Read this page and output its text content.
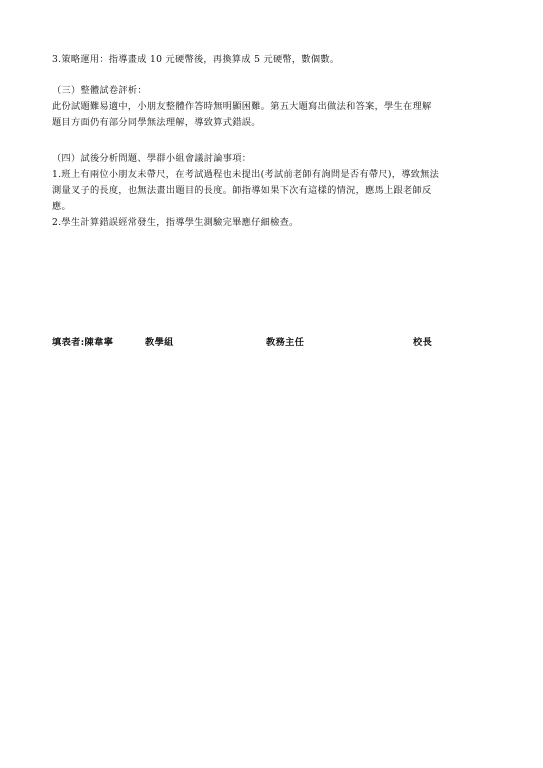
3.策略運用：指導畫成 10 元硬幣後，再換算成 5 元硬幣，數個數。
（三）整體試卷評析：
此份試題難易適中，小朋友整體作答時無明顯困難。第五大題寫出做法和答案，學生在理解
題目方面仍有部分同學無法理解，導致算式錯誤。
（四）試後分析問題、學群小組會議討論事項：
1.班上有兩位小朋友未帶尺，在考試過程也未提出(考試前老師有詢問是否有帶尺)，導致無法
測量叉子的長度，也無法畫出題目的長度。師指導如果下次有這樣的情況，應馬上跟老師反
應。
2.學生計算錯誤經常發生，指導學生測驗完畢應仔細檢查。
填表者:陳韋寧	教學組	教務主任	校長
